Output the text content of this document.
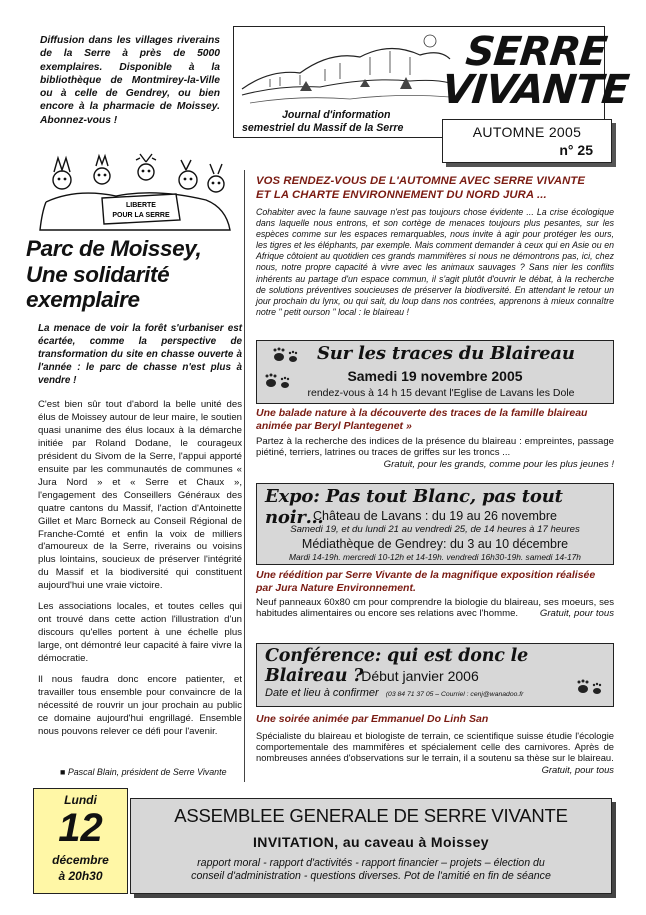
Diffusion dans les villages riverains de la Serre à près de 5000 exemplaires. Disponible à la bibliothèque de Montmirey-la-Ville ou à celle de Gendrey, ou bien encore à la pharmacie de Moissey. Abonnez-vous !
SERRE
VIVANTE
Journal d'information
semestriel du Massif de la Serre	AUTOMNE 2005
n° 25
LIBERTE
POUR LA SERRE
Parc de Moissey, Une solidarité exemplaire
La menace de voir la forêt s'urbaniser est écartée, comme la perspective de transformation du site en chasse ouverte à l'année : le parc de chasse n'est plus à vendre !

C'est bien sûr tout d'abord la belle unité des élus de Moissey autour de leur maire, le soutien quasi unanime des élus locaux à la démarche initiée par Roland Dodane, le courageux président du Sivom de la Serre, l'appui apporté ensuite par les communautés de communes « Jura Nord » et « Serre et Chaux », l'engagement des Conseillers Généraux des quatre cantons du Massif, l'action d'Antoinette Gillet et Marc Borneck au Conseil Régional de Franche-Comté et enfin la voix de milliers d'amoureux de la Serre, riverains ou voisins plus lointains, soucieux de préserver l'intégrité du Massif et la biodiversité qui constituent aujourd'hui une vraie victoire.

Les associations locales, et toutes celles qui ont trouvé dans cette action l'illustration d'un discours qu'elles portent à une échelle plus large, ont démontré leur capacité à faire vivre la démocratie.

Il nous faudra donc encore patienter, et travailler tous ensemble pour convaincre de la nécessité de rouvrir un jour prochain au public ce domaine aujourd'hui engrillagé. Ensemble nous pouvons relever ce défi pour l'avenir.

■ Pascal Blain, président de Serre Vivante
VOS RENDEZ-VOUS DE L'AUTOMNE AVEC SERRE VIVANTE
ET LA CHARTE ENVIRONNEMENT DU NORD JURA ...
Cohabiter avec la faune sauvage n'est pas toujours chose évidente ... La crise écologique dans laquelle nous entrons, et son cortège de menaces toujours plus pesantes, sur les espèces comme sur les espaces remarquables, nous invite à agir pour protéger les ours, les tigres et les éléphants, par exemple. Mais comment demander à ceux qui en Asie ou en Afrique côtoient au quotidien ces grands mammifères si nous ne démontrons pas, ici, chez nous, notre propre capacité à vivre avec les animaux sauvages ? Sans nier les conflits inhérents au partage d'un espace commun, il s'agit plutôt d'ouvrir le débat, à la recherche de solutions préventives soucieuses de préserver la biodiversité. En attendant le retour un jour prochain du lynx, ou qui sait, du loup dans nos contrées, apprenons à mieux connaître notre " petit ourson " local : le blaireau !
Sur les traces du Blaireau
Samedi 19 novembre 2005
rendez-vous à 14 h 15 devant l'Eglise de Lavans les Dole
Une balade nature à la découverte des traces de la famille blaireau animée par Beryl Plantegenet »
Partez à la recherche des indices de la présence du blaireau : empreintes, passage piétiné, terriers, latrines ou traces de griffes sur les troncs ...
Gratuit, pour les grands, comme pour les plus jeunes !
Expo: Pas tout Blanc, pas tout noir…
Château de Lavans : du 19 au 26 novembre
Samedi 19, et du lundi 21 au vendredi 25, de 14 heures à 17 heures
Médiathèque de Gendrey: du 3 au 10 décembre
Mardi 14-19h. mercredi 10-12h et 14-19h. vendredi 16h30-19h. samedi 14-17h
Une réédition par Serre Vivante de la magnifique exposition réalisée par Jura Nature Environnement.
Neuf panneaux 60x80 cm pour comprendre la biologie du blaireau, ses moeurs, ses habitudes alimentaires ou encore ses relations avec l'homme. Gratuit, pour tous
Conférence: qui est donc le Blaireau ?
Début janvier 2006
Date et lieu à confirmer (03 84 71 37 05 – Courriel : cenj@wanadoo.fr
Une soirée animée par Emmanuel Do Linh San
Spécialiste du blaireau et biologiste de terrain, ce scientifique suisse étudie l'écologie comportementale des mammifères et spécialement celle des carnivores. Après de nombreuses années d'observations sur le terrain, il a soutenu sa thèse sur le blaireau.
Gratuit, pour tous
Lundi
12
décembre
à 20h30
ASSEMBLEE GENERALE DE SERRE VIVANTE
INVITATION, au caveau à Moissey
rapport moral - rapport d'activités - rapport financier – projets – élection du
conseil d'administration - questions diverses. Pot de l'amitié en fin de séance
